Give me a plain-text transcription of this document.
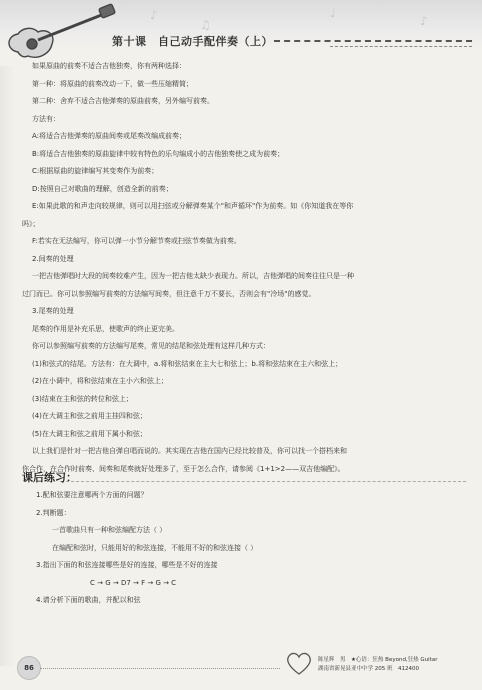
♪
♫
♩
♪
第十课　自己动手配伴奏（上）

如果原曲的前奏不适合吉他独奏，你有两种选择：

第一种：将原曲的前奏改动一下，做一些压缩精简；

第二种：舍弃不适合吉他弹奏的原曲前奏，另外编写前奏。

方法有：

A:将适合吉他弹奏的原曲间奏或尾奏改编成前奏；

B:将适合吉他独奏的原曲旋律中较有特色的乐句编成小的吉他独奏使之成为前奏；

C:根据原曲的旋律编写其变奏作为前奏；

D:按照自己对歌曲的理解，创造全新的前奏；

E:如果此歌的和声走向较规律，则可以用扫弦或分解弹奏某个"和声循环"作为前奏。如《你知道我在等你

吗》；

F:若实在无法编写，你可以弹一小节分解节奏或扫弦节奏做为前奏。

2.间奏的处理

一把吉他弹唱时大段的间奏较难产生，因为一把吉他太缺少表现力。所以，吉他弹唱的间奏往往只是一种

过门而已。你可以参照编写前奏的方法编写间奏，但注意千万不要长，否则会有"冷场"的感觉。

3.尾奏的处理

尾奏的作用是补充乐思，使歌声的终止更完美。

你可以参照编写前奏的方法编写尾奏，常见的结尾和弦处理有这样几种方式：

(1)和弦式的结尾。方法有：在大调中，a.将和弦结束在主大七和弦上；b.将和弦结束在主六和弦上；

(2)在小调中，将和弦结束在主小六和弦上；

(3)结束在主和弦的转位和弦上；

(4)在大调主和弦之前用主挂四和弦；

(5)在大调主和弦之前用下属小和弦；

以上我们是针对一把吉他自弹自唱而说的。其实现在吉他在国内已经比较普及，你可以找一个搭档来和

你合作，在合作时前奏、间奏和尾奏就好处理多了，至于怎么合作，请参阅《1+1>2——双吉他编配》。

课后练习：

1.配和弦要注意哪两个方面的问题？

2.判断题：

一首歌曲只有一种和弦编配方法（ ）

在编配和弦时，只能用好的和弦连接，不能用不好的和弦连接（ ）

3.指出下面的和弦连接哪些是好的连接，哪些是不好的连接

C → G → D7 → F → G → C

4.请分析下面的歌曲，并配以和弦

86
陈星辉　男　★心语：狂热 Beyond,狂热 Guitar
湖南省新晃县亚中中学 205 班　412400
